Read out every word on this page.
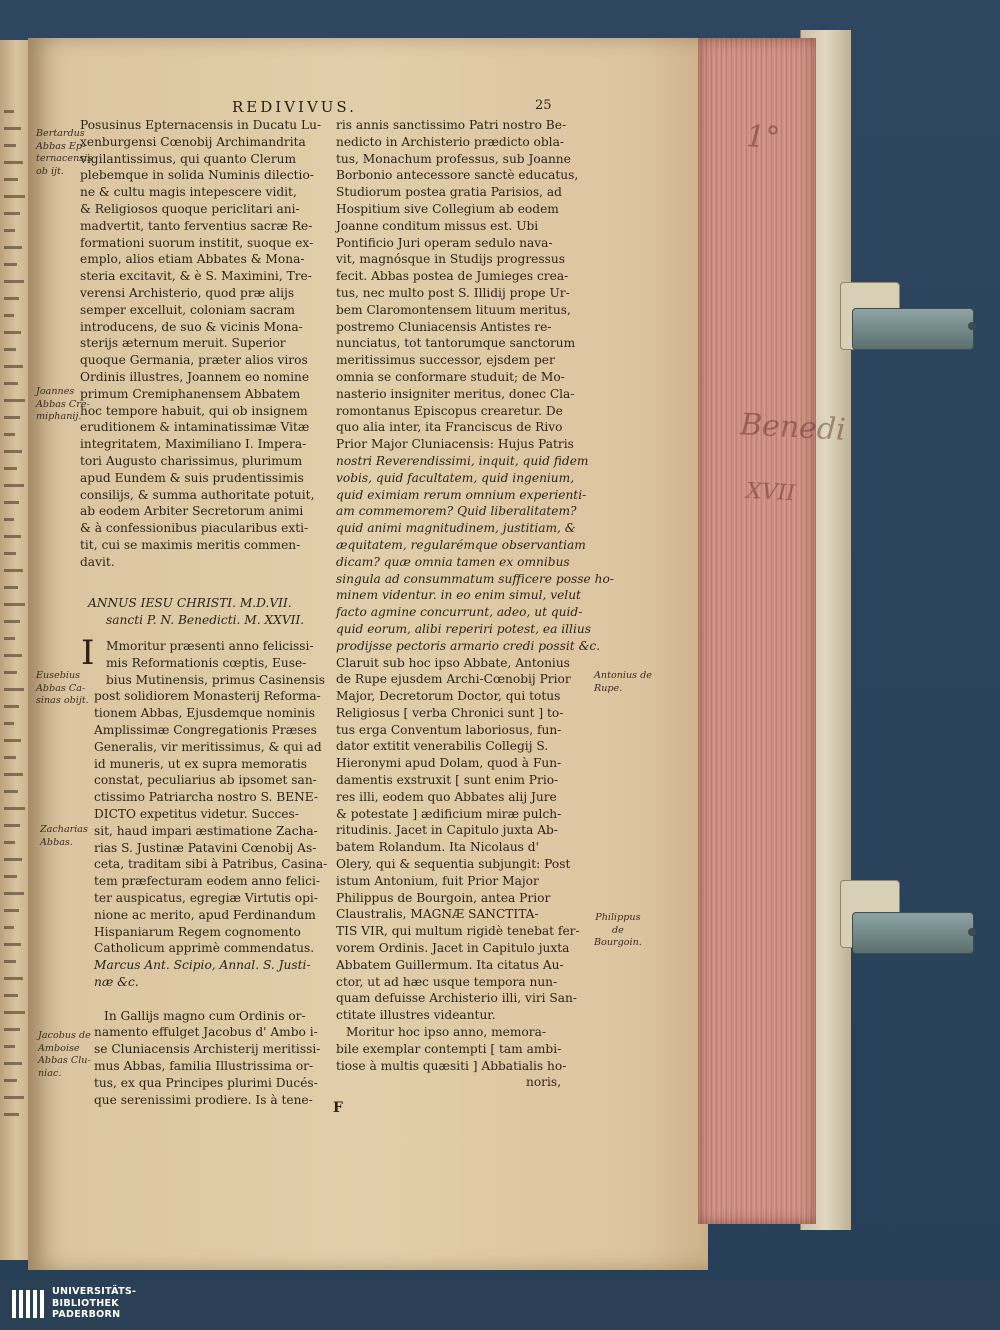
1°
Benedi
XVII
REDIVIVUS.	25
Posusinus Epternacensis in Ducatu Lu-
xenburgensi Cœnobij Archimandrita
vigilantissimus, qui quanto Clerum
plebemque in solida Numinis dilectio-
ne & cultu magis intepescere vidit,
& Religiosos quoque periclitari ani-
madvertit, tanto ferventius sacræ Re-
formationi suorum institit, suoque ex-
emplo, alios etiam Abbates & Mona-
steria excitavit, & è S. Maximini, Tre-
verensi Archisterio, quod præ alijs
semper excelluit, coloniam sacram
introducens, de suo & vicinis Mona-
sterijs æternum meruit. Superior
quoque Germania, præter alios viros
Ordinis illustres, Joannem eo nomine
primum Cremiphanensem Abbatem
hoc tempore habuit, qui ob insignem
eruditionem & intaminatissimæ Vitæ
integritatem, Maximiliano I. Impera-
tori Augusto charissimus, plurimum
apud Eundem & suis prudentissimis
consilijs, & summa authoritate potuit,
ab eodem Arbiter Secretorum animi
& à confessionibus piacularibus exti-
tit, cui se maximis meritis commen-
davit.
ANNUS IESU CHRISTI. M.D.VII.
sancti P. N. Benedicti. M. XXVII.
I Mmoritur præsenti anno felicissi-
mis Reformationis cœptis, Euse-
bius Mutinensis, primus Casinensis
post solidiorem Monasterij Reforma-
tionem Abbas, Ejusdemque nominis
Amplissimæ Congregationis Præses
Generalis, vir meritissimus, & qui ad
id muneris, ut ex supra memoratis
constat, peculiarius ab ipsomet san-
ctissimo Patriarcha nostro S. BENE-
DICTO expetitus videtur. Succes-
sit, haud impari æstimatione Zacha-
rias S. Justinæ Patavini Cœnobij As-
ceta, traditam sibi à Patribus, Casina-
tem præfecturam eodem anno felici-
ter auspicatus, egregiæ Virtutis opi-
nione ac merito, apud Ferdinandum
Hispaniarum Regem cognomento
Catholicum apprimè commendatus.
Marcus Ant. Scipio, Annal. S. Justi-
næ &c.
In Gallijs magno cum Ordinis or-
namento effulget Jacobus d' Ambo i-
se Cluniacensis Archisterij meritissi-
mus Abbas, familia Illustrissima or-
tus, ex qua Principes plurimi Ducés-
que serenissimi prodiere. Is à tene-
ris annis sanctissimo Patri nostro Be-
nedicto in Archisterio prædicto obla-
tus, Monachum professus, sub Joanne
Borbonio antecessore sanctè educatus,
Studiorum postea gratia Parisios, ad
Hospitium sive Collegium ab eodem
Joanne conditum missus est. Ubi
Pontificio Juri operam sedulo nava-
vit, magnósque in Studijs progressus
fecit. Abbas postea de Jumieges crea-
tus, nec multo post S. Illidij prope Ur-
bem Claromontensem lituum meritus,
postremo Cluniacensis Antistes re-
nunciatus, tot tantorumque sanctorum
meritissimus successor, ejsdem per
omnia se conformare studuit; de Mo-
nasterio insigniter meritus, donec Cla-
romontanus Episcopus crearetur. De
quo alia inter, ita Franciscus de Rivo
Prior Major Cluniacensis: Hujus Patris
nostri Reverendissimi, inquit, quid fidem
vobis, quid facultatem, quid ingenium,
quid eximiam rerum omnium experienti-
am commemorem? Quid liberalitatem?
quid animi magnitudinem, justitiam, &
æquitatem, regularémque observantiam
dicam? quæ omnia tamen ex omnibus
singula ad consummatum sufficere posse ho-
minem videntur. in eo enim simul, velut
facto agmine concurrunt, adeo, ut quid-
quid eorum, alibi reperiri potest, ea illius
prodijsse pectoris armario credi possit &c.
Claruit sub hoc ipso Abbate, Antonius
de Rupe ejusdem Archi-Cœnobij Prior
Major, Decretorum Doctor, qui totus
Religiosus [ verba Chronici sunt ] to-
tus erga Conventum laboriosus, fun-
dator extitit venerabilis Collegij S.
Hieronymi apud Dolam, quod à Fun-
damentis exstruxit [ sunt enim Prio-
res illi, eodem quo Abbates alij Jure
& potestate ] ædificium miræ pulch-
ritudinis. Jacet in Capitulo juxta Ab-
batem Rolandum. Ita Nicolaus d'
Olery, qui & sequentia subjungit: Post
istum Antonium, fuit Prior Major
Philippus de Bourgoin, antea Prior
Claustralis, MAGNÆ SANCTITA-
TIS VIR, qui multum rigidè tenebat fer-
vorem Ordinis. Jacet in Capitulo juxta
Abbatem Guillermum. Ita citatus Au-
ctor, ut ad hæc usque tempora nun-
quam defuisse Archisterio illi, viri San-
ctitate illustres videantur.
Moritur hoc ipso anno, memora-
bile exemplar contempti [ tam ambi-
tiose à multis quæsiti ] Abbatialis ho-
noris,
F
Bertardus
Abbas Ep-
ternacensis
ob ijt.
Joannes
Abbas Cre-
miphanij.
Eusebius
Abbas Ca-
sinas obijt.
Zacharias
Abbas.
Jacobus de
Amboise
Abbas Clu-
niac.
Antonius de
Rupe.
Philippus
de
Bourgoin.
UNIVERSITÄTS-
BIBLIOTHEK
PADERBORN
